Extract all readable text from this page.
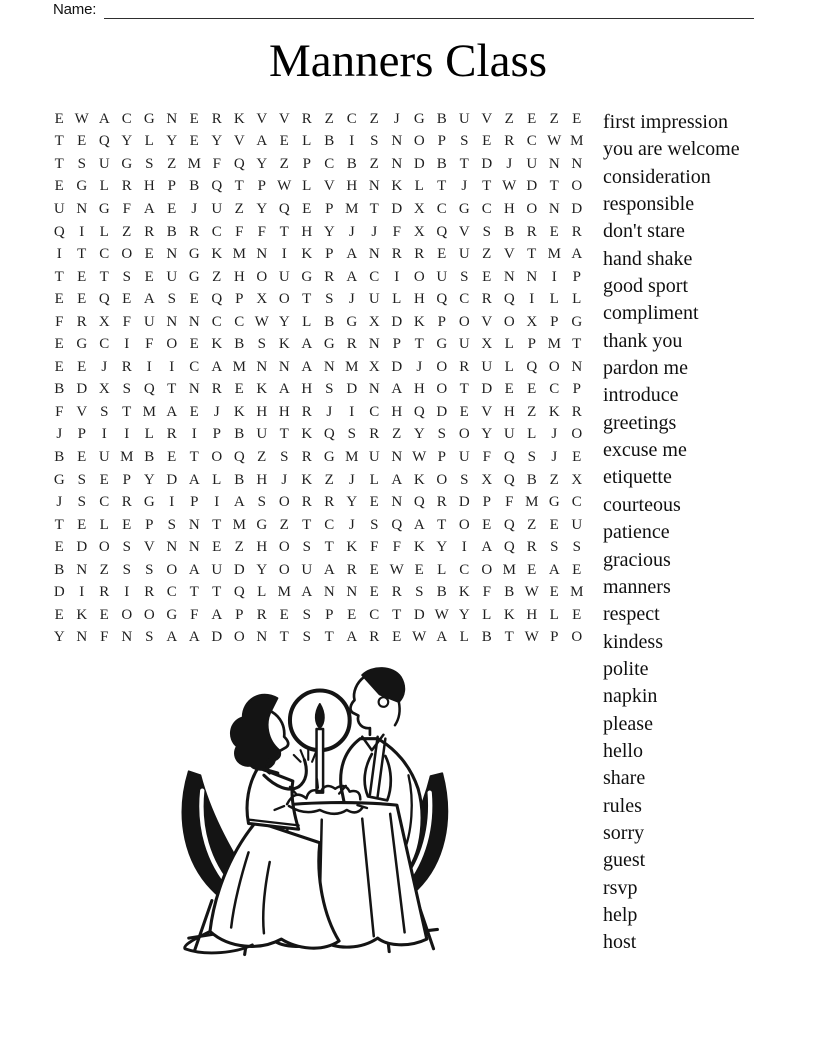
Name:
Manners Class
E W A C G N E R K V V R Z C Z	J G B U V Z E Z E
T E Q Y L Y E Y V A E L B	I	S N O P S E R C W M
T S U G S Z M F Q Y Z P C B Z N D B T D J U N N
E G L R H P B Q T P W L V H N K L T	J T W D T O
U N G F A E	J U Z Y Q E P M T D X C G C H O N D
Q I	L Z R B R C F F T H Y J	J	F X Q V S B R E R
I	T C O E N G K M N I K P A N R R E U Z V T M A
T E T S E U G Z H O U G R A C	I O U S E N N I	P
E E Q E A S E Q P X O T S	J U L H Q C R Q I	L L
F R X F U N N C C W Y L B G X D K P O V O X P G
E G C	I	F O E K B S K A G R N P T G U X L P M T
E E	J R	I	I C A M N N A N M X D J O R U L Q O N
B D X S Q T N R E K A H S D N A H O T D E E C P
F V S T M A E	J K H H R J	I C H Q D E V H Z K R
J	P	I	I	L R	I	P B U T K Q S R Z Y S O Y U L	J O
B E U M B E T O Q Z S R G M U N W P U F Q S	J E
G S E P Y D A L B H J K Z	J L A K O S X Q B Z X
J	S C R G I	P	I A S O R R Y E N Q R D P F M G C
T E L E P S N T M G Z T C J	S Q A T O E Q Z E U
E D O S V N N E Z H O S T K F F K Y I A Q R S S
B N Z S S O A U D Y O U A R E W E L C O M E A E
D I R	I R C T T Q L M A N N E R S B K F B W E M
E K E O O G F A P R E S P E C T D W Y L K H L E
Y N F N S A A D O N T S T A R E W A L B T W P O
first impression
you are welcome
consideration
responsible
don't stare
hand shake
good sport
compliment
thank you
pardon me
introduce
greetings
excuse me
etiquette
courteous
patience
gracious
manners
respect
kindess
polite
napkin
please
hello
share
rules
sorry
guest
rsvp
help
host
